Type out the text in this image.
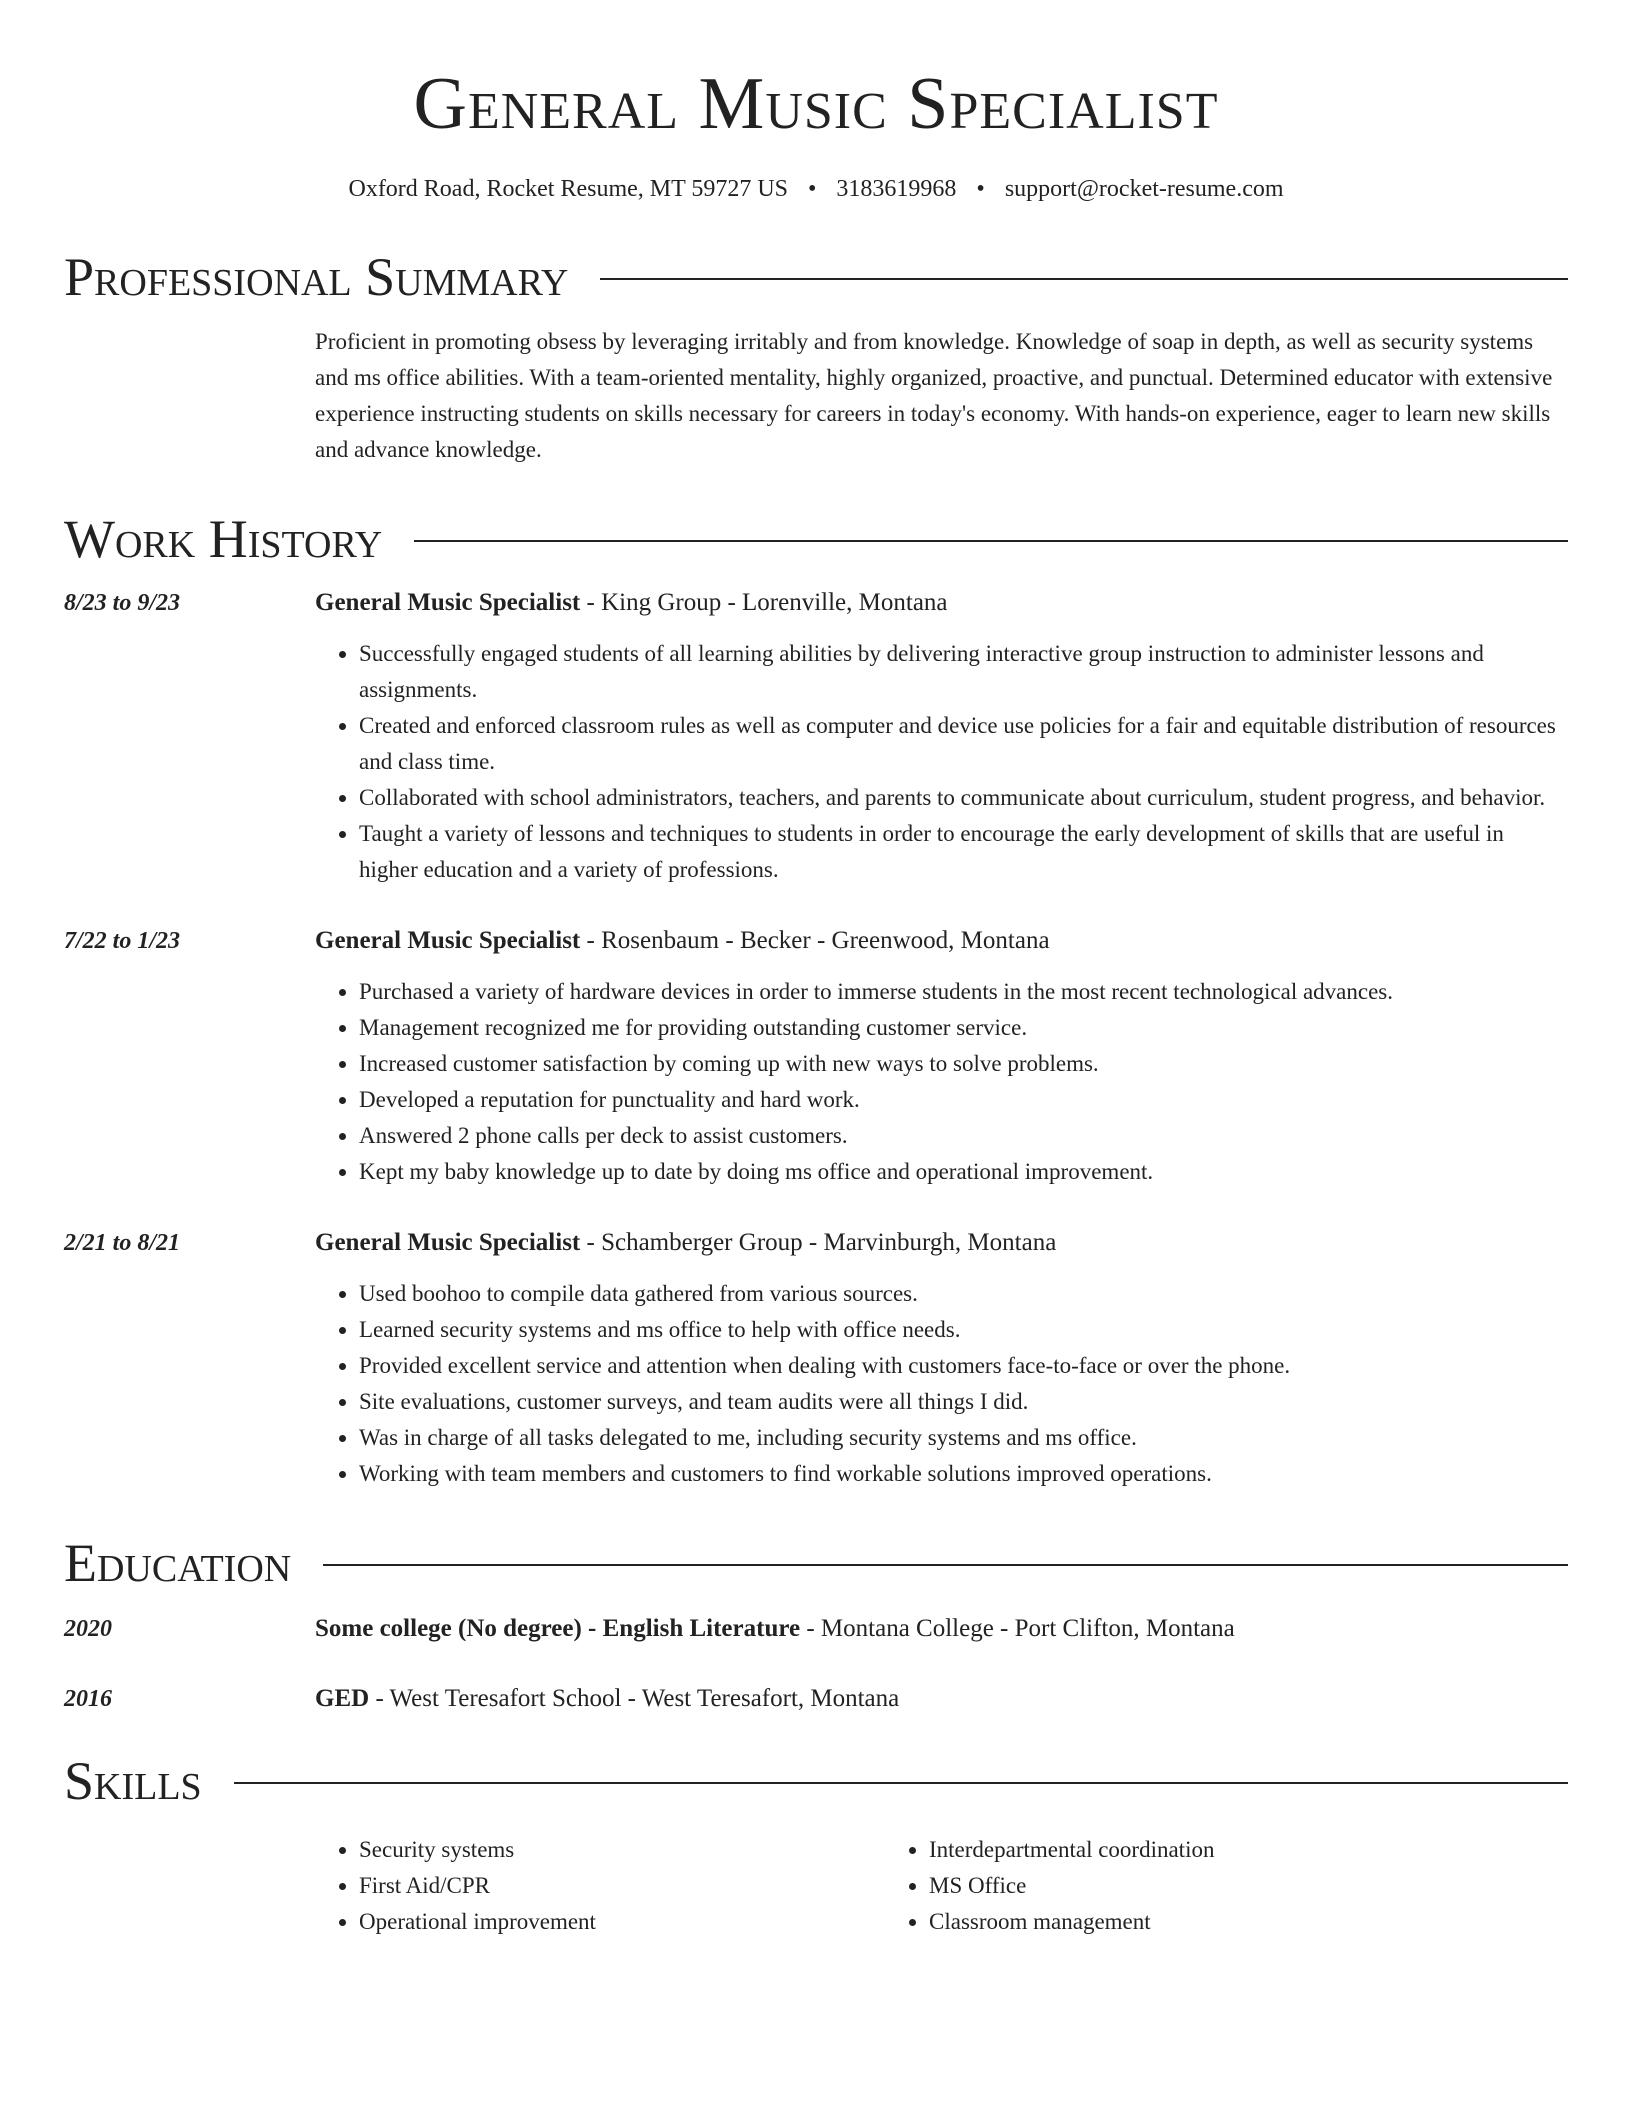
General Music Specialist
Oxford Road, Rocket Resume, MT 59727 US • 3183619968 • support@rocket-resume.com
Professional Summary
Proficient in promoting obsess by leveraging irritably and from knowledge. Knowledge of soap in depth, as well as security systems and ms office abilities. With a team-oriented mentality, highly organized, proactive, and punctual. Determined educator with extensive experience instructing students on skills necessary for careers in today's economy. With hands-on experience, eager to learn new skills and advance knowledge.
Work History
8/23 to 9/23	General Music Specialist - King Group - Lorenville, Montana
• Successfully engaged students of all learning abilities by delivering interactive group instruction to administer lessons and assignments.
• Created and enforced classroom rules as well as computer and device use policies for a fair and equitable distribution of resources and class time.
• Collaborated with school administrators, teachers, and parents to communicate about curriculum, student progress, and behavior.
• Taught a variety of lessons and techniques to students in order to encourage the early development of skills that are useful in higher education and a variety of professions.
7/22 to 1/23	General Music Specialist - Rosenbaum - Becker - Greenwood, Montana
• Purchased a variety of hardware devices in order to immerse students in the most recent technological advances.
• Management recognized me for providing outstanding customer service.
• Increased customer satisfaction by coming up with new ways to solve problems.
• Developed a reputation for punctuality and hard work.
• Answered 2 phone calls per deck to assist customers.
• Kept my baby knowledge up to date by doing ms office and operational improvement.
2/21 to 8/21	General Music Specialist - Schamberger Group - Marvinburgh, Montana
• Used boohoo to compile data gathered from various sources.
• Learned security systems and ms office to help with office needs.
• Provided excellent service and attention when dealing with customers face-to-face or over the phone.
• Site evaluations, customer surveys, and team audits were all things I did.
• Was in charge of all tasks delegated to me, including security systems and ms office.
• Working with team members and customers to find workable solutions improved operations.
Education
2020	Some college (No degree) - English Literature - Montana College - Port Clifton, Montana
2016	GED - West Teresafort School - West Teresafort, Montana
Skills
• Security systems
• First Aid/CPR
• Operational improvement
• Interdepartmental coordination
• MS Office
• Classroom management
